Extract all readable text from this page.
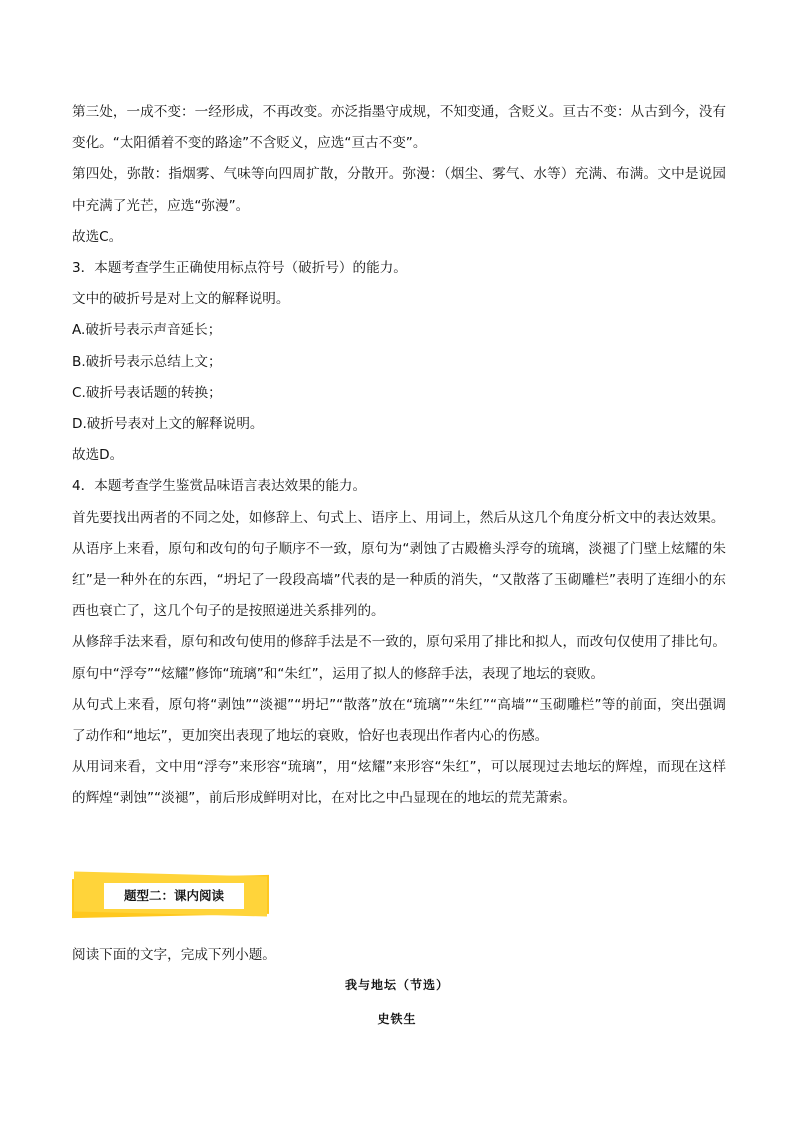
第三处，一成不变：一经形成，不再改变。亦泛指墨守成规，不知变通，含贬义。亘古不变：从古到今，没有变化。“太阳循着不变的路途”不含贬义，应选“亘古不变”。

第四处，弥散：指烟雾、气味等向四周扩散，分散开。弥漫：（烟尘、雾气、水等）充满、布满。文中是说园中充满了光芒，应选“弥漫”。

故选C。

3．本题考查学生正确使用标点符号（破折号）的能力。

文中的破折号是对上文的解释说明。

A.破折号表示声音延长；

B.破折号表示总结上文；

C.破折号表话题的转换；

D.破折号表对上文的解释说明。

故选D。

4．本题考查学生鉴赏品味语言表达效果的能力。

首先要找出两者的不同之处，如修辞上、句式上、语序上、用词上，然后从这几个角度分析文中的表达效果。

从语序上来看，原句和改句的句子顺序不一致，原句为“剥蚀了古殿檐头浮夸的琉璃，淡褪了门壁上炫耀的朱红”是一种外在的东西，“坍圮了一段段高墙”代表的是一种质的消失，“又散落了玉砌雕栏”表明了连细小的东西也衰亡了，这几个句子的是按照递进关系排列的。

从修辞手法来看，原句和改句使用的修辞手法是不一致的，原句采用了排比和拟人，而改句仅使用了排比句。原句中“浮夸”“炫耀”修饰“琉璃”和“朱红”，运用了拟人的修辞手法，表现了地坛的衰败。

从句式上来看，原句将“剥蚀”“淡褪”“坍圮”“散落”放在“琉璃”“朱红”“高墙”“玉砌雕栏”等的前面，突出强调了动作和“地坛”，更加突出表现了地坛的衰败，恰好也表现出作者内心的伤感。

从用词来看，文中用“浮夸”来形容“琉璃”，用“炫耀”来形容“朱红”，可以展现过去地坛的辉煌，而现在这样的辉煌“剥蚀”“淡褪”，前后形成鲜明对比，在对比之中凸显现在的地坛的荒芜萧索。

题型二：课内阅读
阅读下面的文字，完成下列小题。
我与地坛（节选）
史铁生
